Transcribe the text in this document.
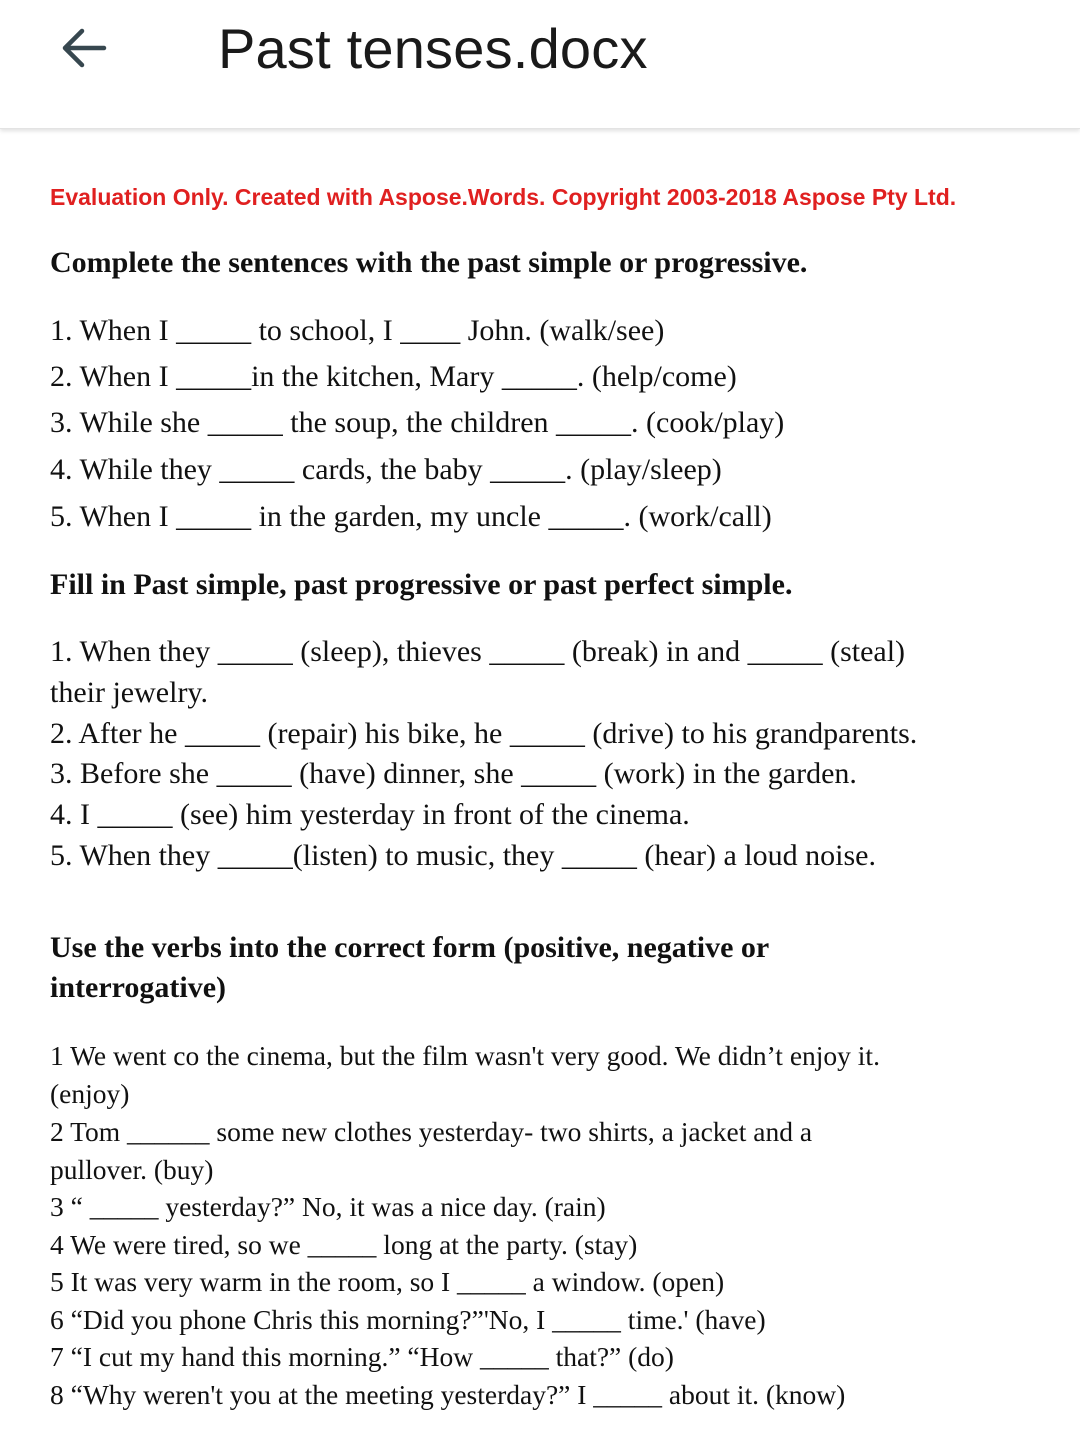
Past tenses.docx
Evaluation Only. Created with Aspose.Words. Copyright 2003-2018 Aspose Pty Ltd.
Complete the sentences with the past simple or progressive.
1. When I _____ to school, I ____ John. (walk/see)
2. When I _____in the kitchen, Mary _____. (help/come)
3. While she _____ the soup, the children _____. (cook/play)
4. While they _____ cards, the baby _____. (play/sleep)
5. When I _____ in the garden, my uncle _____. (work/call)
Fill in Past simple, past progressive or past perfect simple.
1. When they _____ (sleep), thieves _____ (break) in and _____ (steal)
their jewelry.
2. After he _____ (repair) his bike, he _____ (drive) to his grandparents.
3. Before she _____ (have) dinner, she _____ (work) in the garden.
4. I _____ (see) him yesterday in front of the cinema.
5. When they _____(listen) to music, they _____ (hear) a loud noise.
Use the verbs into the correct form (positive, negative or
interrogative)
1 We went co the cinema, but the film wasn't very good. We didn’t enjoy it.
(enjoy)
2 Tom ______ some new clothes yesterday- two shirts, a jacket and a
pullover. (buy)
3 “ _____ yesterday?” No, it was a nice day. (rain)
4 We were tired, so we _____ long at the party. (stay)
5 It was very warm in the room, so I _____ a window. (open)
6 “Did you phone Chris this morning?”'No, I _____ time.' (have)
7 “I cut my hand this morning.” “How _____ that?” (do)
8 “Why weren't you at the meeting yesterday?” I _____ about it. (know)
